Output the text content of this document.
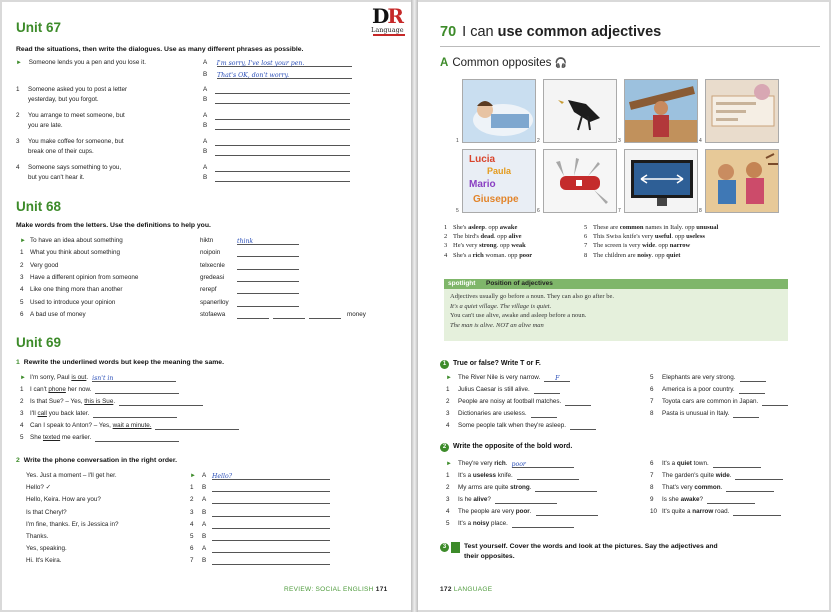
DR
Language
Unit 67
Read the situations, then write the dialogues. Use as many different phrases as possible.
► Someone lends you a pen and you lose it.	A I'm sorry, I've lost your pen.
B That's OK, don't worry.
1 Someone asked you to post a letter
yesterday, but you forgot.
A
B
2 You arrange to meet someone, but
you are late.
A
B
3 You make coffee for someone, but
break one of their cups.
A
B
4 Someone says something to you,
but you can't hear it.
A
B
Unit 68
Make words from the letters. Use the definitions to help you.
► To have an idea about something	hiktn	think
1 What you think about something	noipoin
2 Very good	telxecnle
3 Have a different opinion from someone	gredeasi
4 Like one thing more than another	rerepf
5 Used to introduce your opinion	spanerlloy
6 A bad use of money	stofaewa	money
Unit 69
1 Rewrite the underlined words but keep the meaning the same.
► I'm sorry, Paul is out. isn't in
1 I can't phone her now.
2 Is that Sue? – Yes, this is Sue.
3 I'll call you back later.
4 Can I speak to Anton? – Yes, wait a minute.
5 She texted me earlier.
2 Write the phone conversation in the right order.
Yes. Just a moment – I'll get her.
Hello? ✓
Hello, Keira. How are you?
Is that Cheryl?
I'm fine, thanks. Er, is Jessica in?
Thanks.
Yes, speaking.
Hi. It's Keira.
► A Hello?
1 B
2 A
3 B
4 A
5 B
6 A
7 B
REVIEW: SOCIAL ENGLISH 171
70 I can use common adjectives
A Common opposites 🎧
1	2	3	4
Lucia
Paula
Mario
Giuseppe
5	6	7	8
1 She's asleep. opp awake
2 The bird's dead. opp alive
3 He's very strong. opp weak
4 She's a rich woman. opp poor
5 These are common names in Italy. opp unusual
6 This Swiss knife's very useful. opp useless
7 The screen is very wide. opp narrow
8 The children are noisy. opp quiet
spotlight Position of adjectives
Adjectives usually go before a noun. They can also go after be.
It's a quiet village. The village is quiet.
You can't use alive, awake and asleep before a noun.
The man is alive. NOT an alive man
1 True or false? Write T or F.
► The River Nile is very narrow. F
1 Julius Caesar is still alive.
2 People are noisy at football matches.
3 Dictionaries are useless.
4 Some people talk when they're asleep.
5 Elephants are very strong.
6 America is a poor country.
7 Toyota cars are common in Japan.
8 Pasta is unusual in Italy.
2 Write the opposite of the bold word.
► They're very rich. poor
1 It's a useless knife.
2 My arms are quite strong.
3 Is he alive?
4 The people are very poor.
5 It's a noisy place.
6 It's a quiet town.
7 The garden's quite wide.
8 That's very common.
9 Is she awake?
10 It's quite a narrow road.
3	Test yourself. Cover the words and look at the pictures. Say the adjectives and
their opposites.
172 LANGUAGE
